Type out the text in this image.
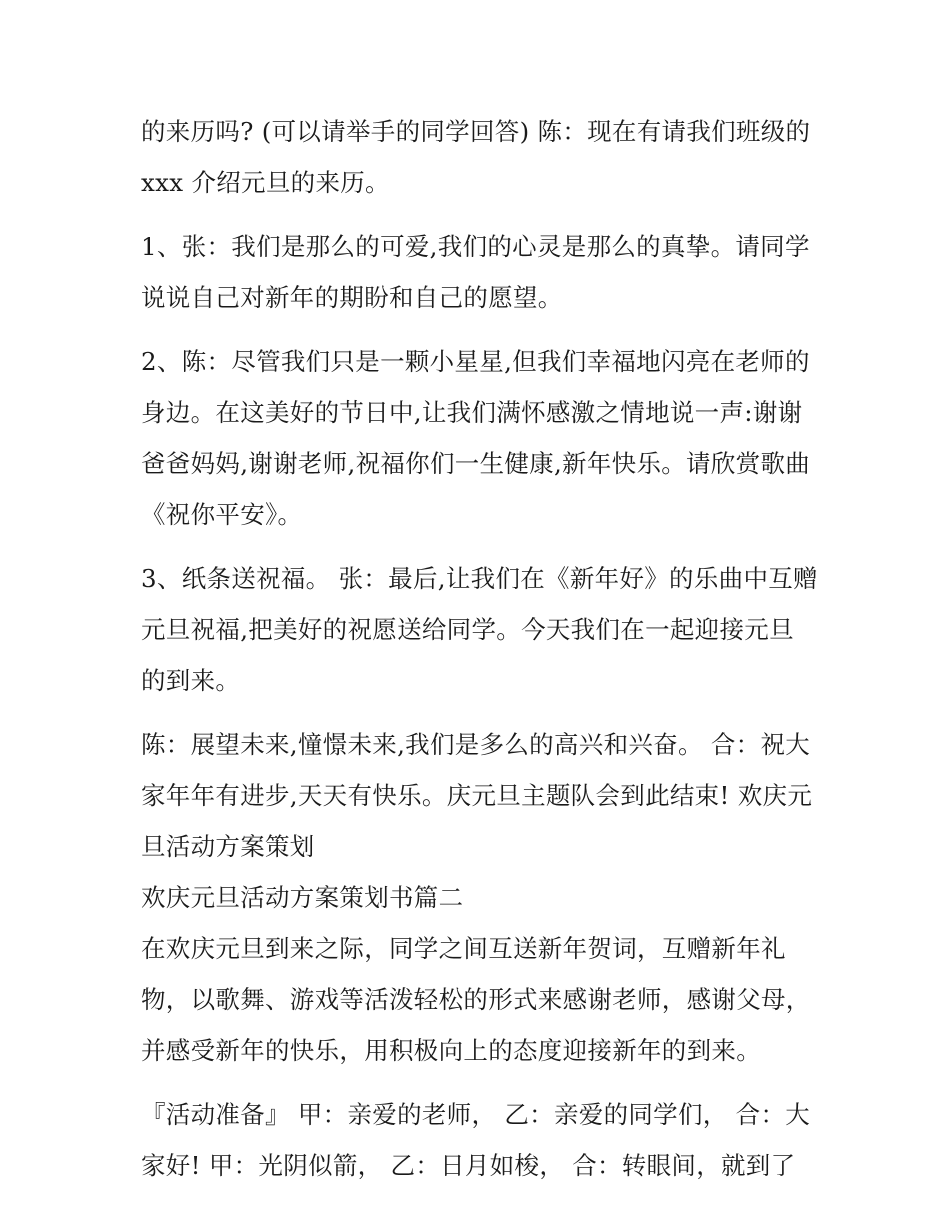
的来历吗? (可以请举手的同学回答) 陈：现在有请我们班级的
xxx 介绍元旦的来历。

1、张：我们是那么的可爱,我们的心灵是那么的真挚。请同学
说说自己对新年的期盼和自己的愿望。

2、陈：尽管我们只是一颗小星星,但我们幸福地闪亮在老师的
身边。在这美好的节日中,让我们满怀感激之情地说一声:谢谢
爸爸妈妈,谢谢老师,祝福你们一生健康,新年快乐。请欣赏歌曲
《祝你平安》。

3、纸条送祝福。 张：最后,让我们在《新年好》的乐曲中互赠
元旦祝福,把美好的祝愿送给同学。今天我们在一起迎接元旦
的到来。

陈：展望未来,憧憬未来,我们是多么的高兴和兴奋。 合：祝大
家年年有进步,天天有快乐。庆元旦主题队会到此结束! 欢庆元
旦活动方案策划

欢庆元旦活动方案策划书篇二

在欢庆元旦到来之际，同学之间互送新年贺词，互赠新年礼
物，以歌舞、游戏等活泼轻松的形式来感谢老师，感谢父母，
并感受新年的快乐，用积极向上的态度迎接新年的到来。

『活动准备』 甲：亲爱的老师， 乙：亲爱的同学们， 合：大
家好! 甲：光阴似箭， 乙：日月如梭， 合：转眼间，就到了
